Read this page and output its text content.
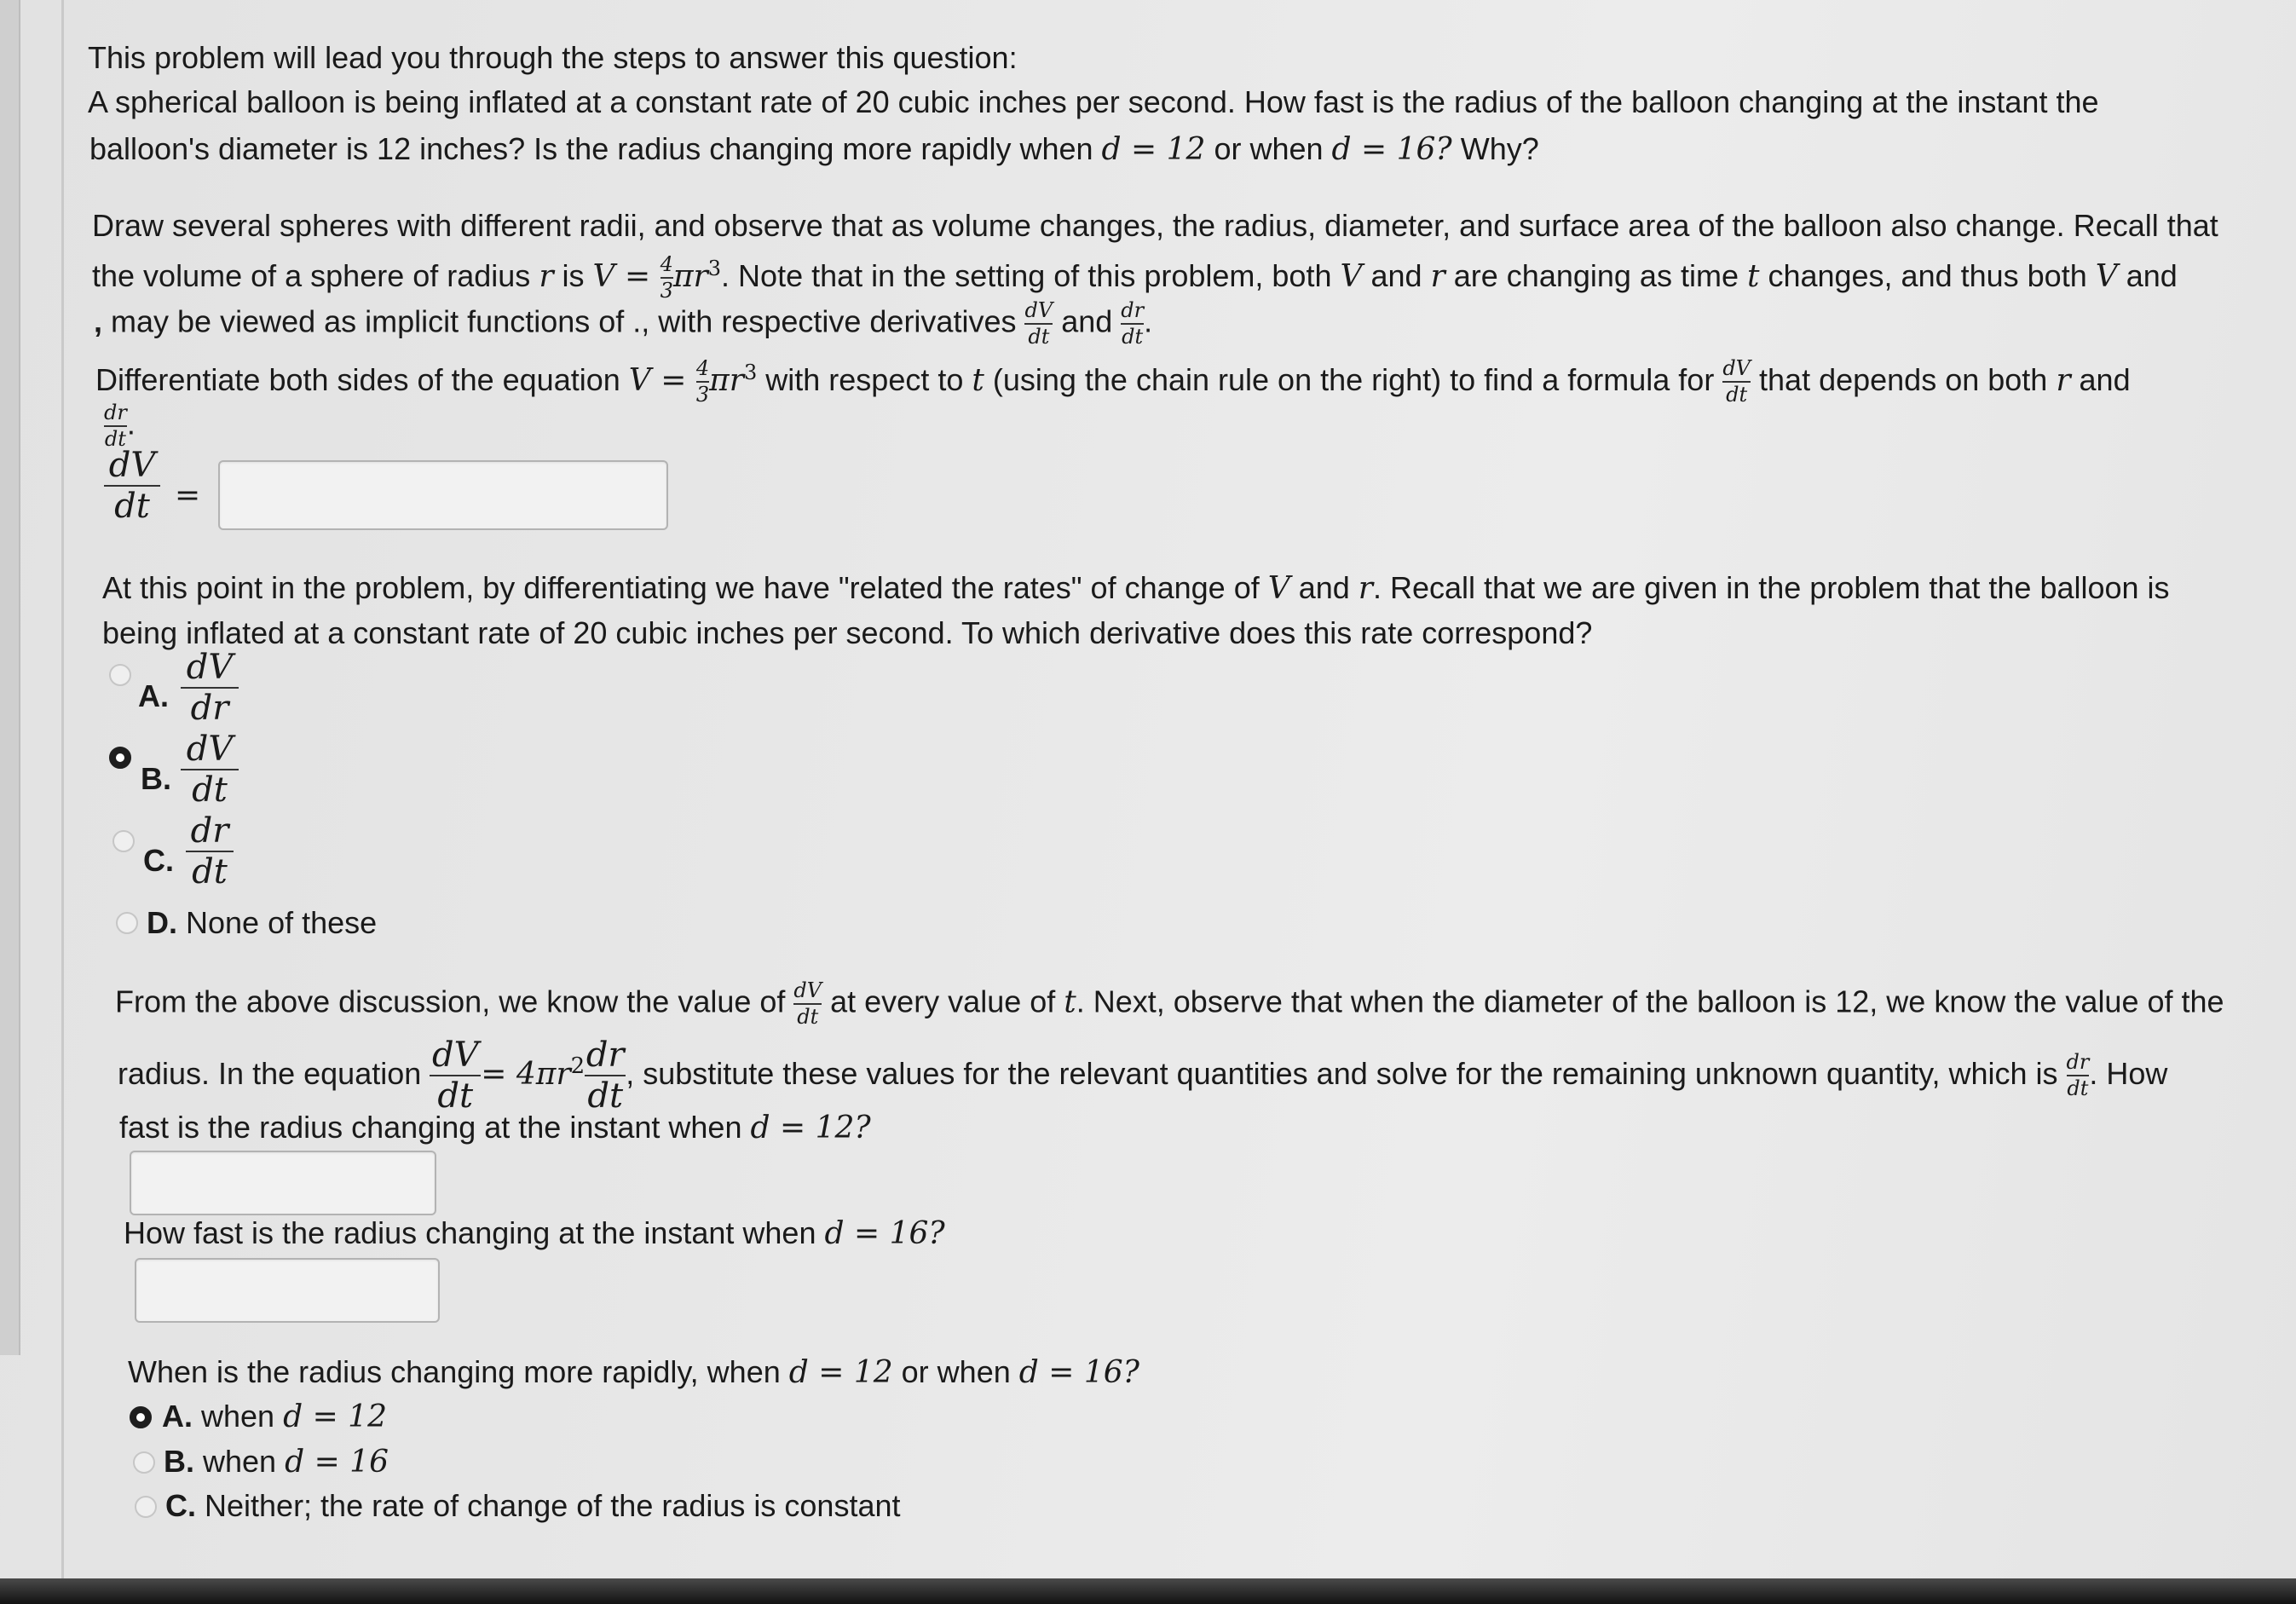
This problem will lead you through the steps to answer this question:
A spherical balloon is being inflated at a constant rate of 20 cubic inches per second. How fast is the radius of the balloon changing at the instant the
balloon's diameter is 12 inches? Is the radius changing more rapidly when d = 12 or when d = 16? Why?
Draw several spheres with different radii, and observe that as volume changes, the radius, diameter, and surface area of the balloon also change. Recall that
the volume of a sphere of radius r is $V = \frac{4}{3} \pi r^3$. Note that in the setting of this problem, both V and r are changing as time t changes, and thus both V and
, may be viewed as implicit functions of ., with respective derivatives $\frac{dV}{dt}$ and $\frac{dr}{dt}$ .
Differentiate both sides of the equation $V = \frac{4}{3} \pi r^3$ with respect to t (using the chain rule on the right) to find a formula for $\frac{dV}{dt}$ that depends on both r and
$\frac{dr}{dt}$ .
$\frac{dV}{dt}$ =
At this point in the problem, by differentiating we have "related the rates" of change of V and r. Recall that we are given in the problem that the balloon is
being inflated at a constant rate of 20 cubic inches per second. To which derivative does this rate correspond?
A. $\frac{dV}{dr}$
B. $\frac{dV}{dt}$
C. $\frac{dr}{dt}$
D. None of these
From the above discussion, we know the value of $\frac{dV}{dt}$ at every value of t. Next, observe that when the diameter of the balloon is 12, we know the value of the
radius. In the equation $\frac{dV}{dt} = 4\pi r^2 \frac{dr}{dt}$ , substitute these values for the relevant quantities and solve for the remaining unknown quantity, which is $\frac{dr}{dt}$ . How
fast is the radius changing at the instant when d = 12?
How fast is the radius changing at the instant when d = 16?
When is the radius changing more rapidly, when d = 12 or when d = 16?
A. when d = 12
B. when d = 16
C. Neither; the rate of change of the radius is constant
